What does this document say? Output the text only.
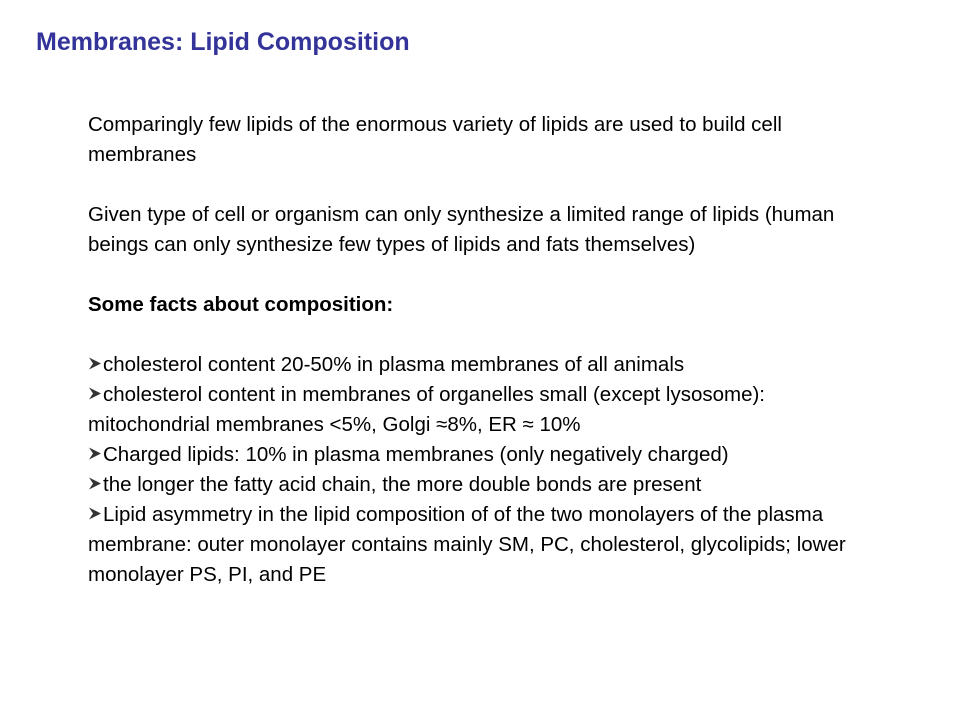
Membranes: Lipid Composition

Comparingly few lipids of the enormous variety of lipids are used to build cell membranes

Given type of cell or organism can only synthesize a limited range of lipids (human beings can only synthesize few types of lipids and fats themselves)

Some facts about composition:

cholesterol content 20-50% in plasma membranes of all animals
cholesterol content in membranes of organelles small (except lysosome): mitochondrial membranes <5%, Golgi ≈8%, ER ≈ 10%
Charged lipids: 10% in plasma membranes (only negatively charged)
the longer the fatty acid chain, the more double bonds are present
Lipid asymmetry in the lipid composition of of the two monolayers of the plasma membrane: outer monolayer contains mainly SM, PC, cholesterol, glycolipids; lower monolayer PS, PI, and PE
